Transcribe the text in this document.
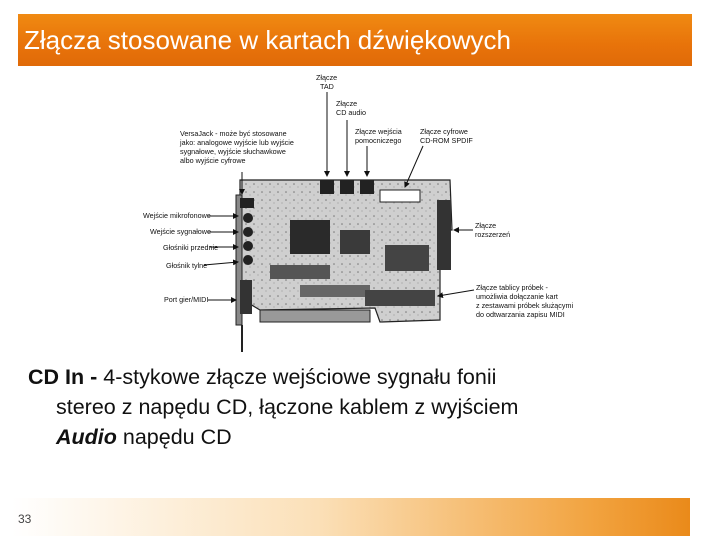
Złącza stosowane w kartach dźwiękowych
Złącze TAD
Złącze CD audio
Złącze wejścia pomocniczego
Złącze cyfrowe CD-ROM SPDIF
VersaJack - może być stosowane jako: analogowe wyjście lub wyjście sygnałowe, wyjście słuchawkowe albo wyjście cyfrowe
Wejście mikrofonowe
Wejście sygnałowe
Głośniki przednie
Głośnik tylne
Port gier/MIDI
Złącze rozszerzeń
Złącze tablicy próbek - umożliwia dołączanie kart z zestawami próbek służącymi do odtwarzania zapisu MIDI
CD In - 4-stykowe złącze wejściowe sygnału fonii
stereo z napędu CD, łączone kablem z wyjściem
Audio napędu CD
33
